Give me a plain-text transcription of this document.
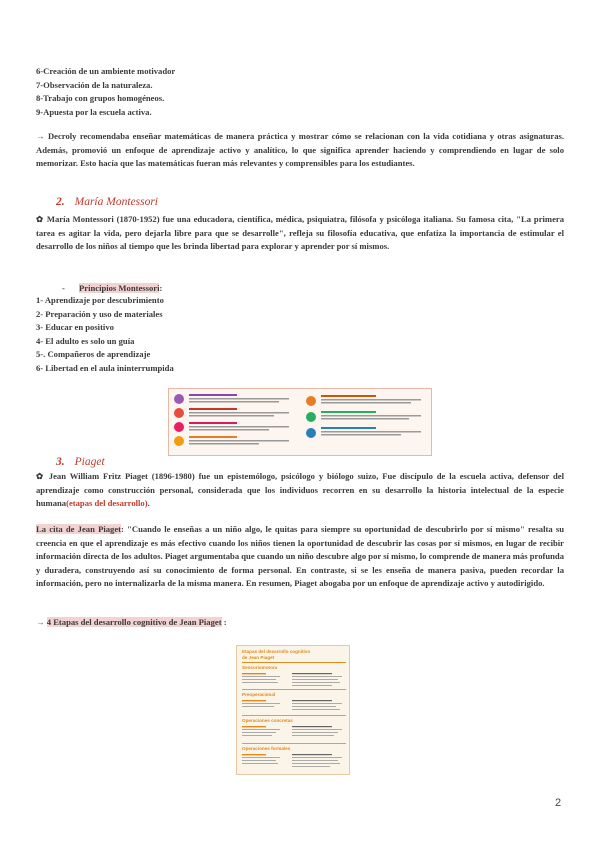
6-Creación de un ambiente motivador
7-Observación de la naturaleza.
8-Trabajo con grupos homogéneos.
9-Apuesta por la escuela activa.
→ Decroly recomendaba enseñar matemáticas de manera práctica y mostrar cómo se relacionan con la vida cotidiana y otras asignaturas. Además, promovió un enfoque de aprendizaje activo y analítico, lo que significa aprender haciendo y comprendiendo en lugar de solo memorizar. Esto hacía que las matemáticas fueran más relevantes y comprensibles para los estudiantes.
2. María Montessori
✿ María Montessori (1870-1952) fue una educadora, científica, médica, psiquiatra, filósofa y psicóloga italiana. Su famosa cita, "La primera tarea es agitar la vida, pero dejarla libre para que se desarrolle", refleja su filosofía educativa, que enfatiza la importancia de estimular el desarrollo de los niños al tiempo que les brinda libertad para explorar y aprender por sí mismos.
- Principios Montessori:
1- Aprendizaje por descubrimiento
2- Preparación y uso de materiales
3- Educar en positivo
4- El adulto es solo un guía
5-. Compañeros de aprendizaje
6- Libertad en el aula ininterrumpida
3. Piaget
✿ Jean William Fritz Piaget (1896-1980) fue un epistemólogo, psicólogo y biólogo suizo, Fue discípulo de la escuela activa, defensor del aprendizaje como construcción personal, considerada que los individuos recorren en su desarrollo la historia intelectual de la especie humana(etapas del desarrollo).
La cita de Jean Piaget: "Cuando le enseñas a un niño algo, le quitas para siempre su oportunidad de descubrirlo por sí mismo" resalta su creencia en que el aprendizaje es más efectivo cuando los niños tienen la oportunidad de descubrir las cosas por sí mismos, en lugar de recibir información directa de los adultos. Piaget argumentaba que cuando un niño descubre algo por sí mismo, lo comprende de manera más profunda y duradera, construyendo así su conocimiento de forma personal. En contraste, si se les enseña de manera pasiva, pueden recordar la información, pero no internalizarla de la misma manera. En resumen, Piaget abogaba por un enfoque de aprendizaje activo y autodirigido.
→ 4 Etapas del desarrollo cognitivo de Jean Piaget :
Etapas del desarrollo cognitivo
de Jean Piaget
Sensoriomotora
Preoperacional
Operaciones concretas
Operaciones formales
2
